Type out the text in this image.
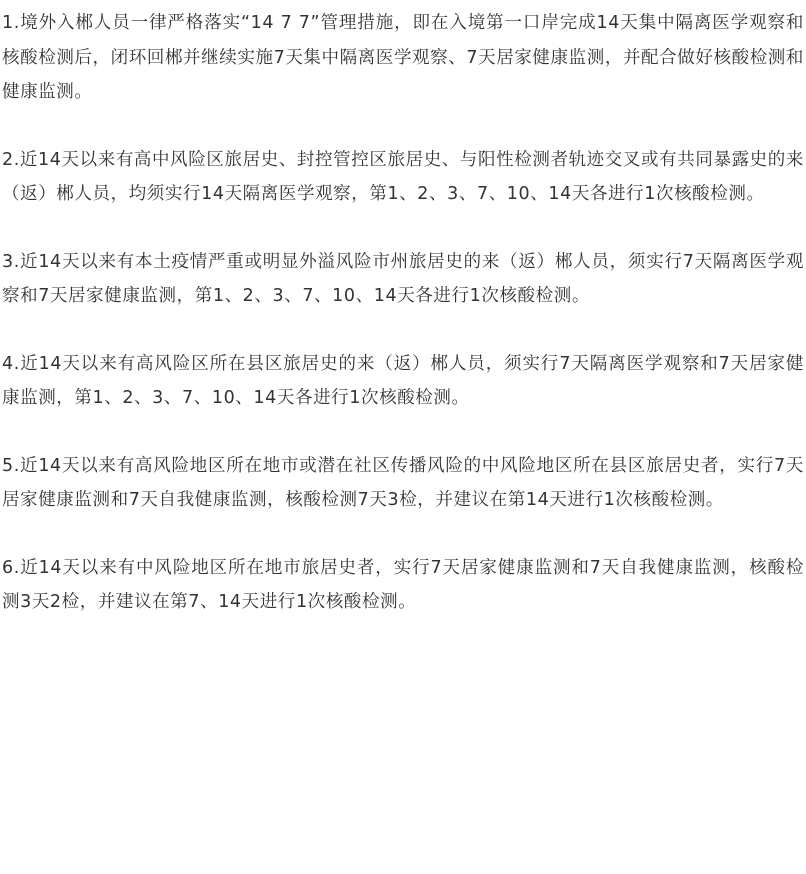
1.境外入郴人员一律严格落实“14 7 7”管理措施，即在入境第一口岸完成14天集中隔离医学观察和核酸检测后，闭环回郴并继续实施7天集中隔离医学观察、7天居家健康监测，并配合做好核酸检测和健康监测。

2.近14天以来有高中风险区旅居史、封控管控区旅居史、与阳性检测者轨迹交叉或有共同暴露史的来（返）郴人员，均须实行14天隔离医学观察，第1、2、3、7、10、14天各进行1次核酸检测。

3.近14天以来有本土疫情严重或明显外溢风险市州旅居史的来（返）郴人员，须实行7天隔离医学观察和7天居家健康监测，第1、2、3、7、10、14天各进行1次核酸检测。

4.近14天以来有高风险区所在县区旅居史的来（返）郴人员，须实行7天隔离医学观察和7天居家健康监测，第1、2、3、7、10、14天各进行1次核酸检测。

5.近14天以来有高风险地区所在地市或潜在社区传播风险的中风险地区所在县区旅居史者，实行7天居家健康监测和7天自我健康监测，核酸检测7天3检，并建议在第14天进行1次核酸检测。

6.近14天以来有中风险地区所在地市旅居史者，实行7天居家健康监测和7天自我健康监测，核酸检测3天2检，并建议在第7、14天进行1次核酸检测。
